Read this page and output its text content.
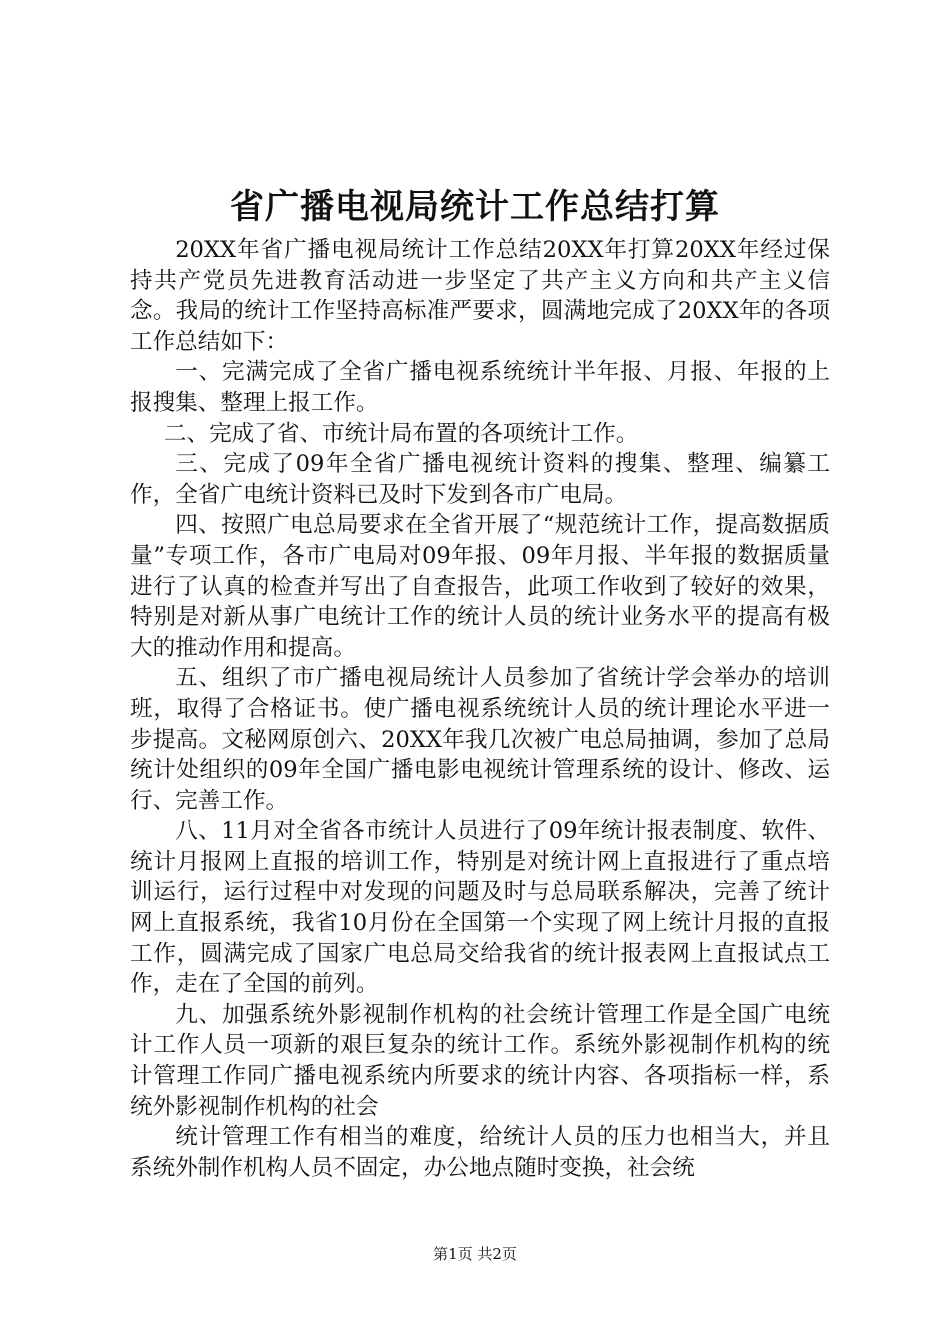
省广播电视局统计工作总结打算

20XX年省广播电视局统计工作总结20XX年打算20XX年经过保持共产党员先进教育活动进一步坚定了共产主义方向和共产主义信念。我局的统计工作坚持高标准严要求，圆满地完成了20XX年的各项工作总结如下：

一、完满完成了全省广播电视系统统计半年报、月报、年报的上报搜集、整理上报工作。

二、完成了省、市统计局布置的各项统计工作。

三、完成了09年全省广播电视统计资料的搜集、整理、编纂工作，全省广电统计资料已及时下发到各市广电局。

四、按照广电总局要求在全省开展了“规范统计工作，提高数据质量”专项工作，各市广电局对09年报、09年月报、半年报的数据质量进行了认真的检查并写出了自查报告，此项工作收到了较好的效果，特别是对新从事广电统计工作的统计人员的统计业务水平的提高有极大的推动作用和提高。

五、组织了市广播电视局统计人员参加了省统计学会举办的培训班，取得了合格证书。使广播电视系统统计人员的统计理论水平进一步提高。文秘网原创六、20XX年我几次被广电总局抽调，参加了总局统计处组织的09年全国广播电影电视统计管理系统的设计、修改、运行、完善工作。

八、11月对全省各市统计人员进行了09年统计报表制度、软件、统计月报网上直报的培训工作，特别是对统计网上直报进行了重点培训运行，运行过程中对发现的问题及时与总局联系解决，完善了统计网上直报系统，我省10月份在全国第一个实现了网上统计月报的直报工作，圆满完成了国家广电总局交给我省的统计报表网上直报试点工作，走在了全国的前列。

九、加强系统外影视制作机构的社会统计管理工作是全国广电统计工作人员一项新的艰巨复杂的统计工作。系统外影视制作机构的统计管理工作同广播电视系统内所要求的统计内容、各项指标一样，系统外影视制作机构的社会

统计管理工作有相当的难度，给统计人员的压力也相当大，并且系统外制作机构人员不固定，办公地点随时变换，社会统

第1页 共2页
